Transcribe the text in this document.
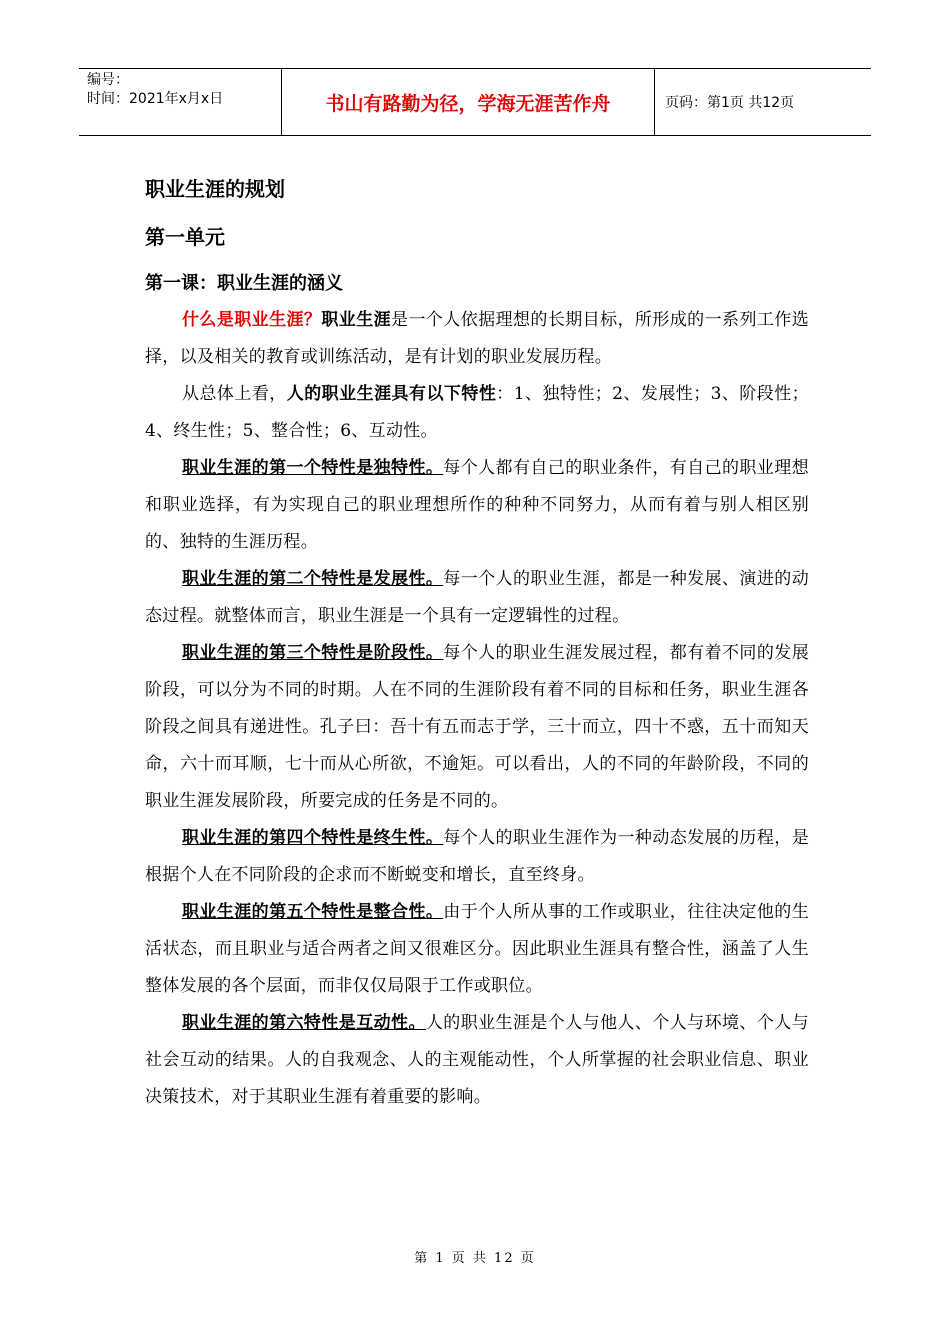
编号：
时间：2021年x月x日	书山有路勤为径，学海无涯苦作舟	页码：第1页 共12页
职业生涯的规划
第一单元
第一课：职业生涯的涵义

什么是职业生涯？职业生涯是一个人依据理想的长期目标，所形成的一系列工作选择，以及相关的教育或训练活动，是有计划的职业发展历程。

从总体上看，人的职业生涯具有以下特性：1、独特性；2、发展性；3、阶段性；4、终生性；5、整合性；6、互动性。

职业生涯的第一个特性是独特性。每个人都有自己的职业条件，有自己的职业理想和职业选择，有为实现自己的职业理想所作的种种不同努力，从而有着与别人相区别的、独特的生涯历程。

职业生涯的第二个特性是发展性。每一个人的职业生涯，都是一种发展、演进的动态过程。就整体而言，职业生涯是一个具有一定逻辑性的过程。

职业生涯的第三个特性是阶段性。每个人的职业生涯发展过程，都有着不同的发展阶段，可以分为不同的时期。人在不同的生涯阶段有着不同的目标和任务，职业生涯各阶段之间具有递进性。孔子曰：吾十有五而志于学，三十而立，四十不惑，五十而知天命，六十而耳顺，七十而从心所欲，不逾矩。可以看出，人的不同的年龄阶段，不同的职业生涯发展阶段，所要完成的任务是不同的。

职业生涯的第四个特性是终生性。每个人的职业生涯作为一种动态发展的历程，是根据个人在不同阶段的企求而不断蜕变和增长，直至终身。

职业生涯的第五个特性是整合性。由于个人所从事的工作或职业，往往决定他的生活状态，而且职业与适合两者之间又很难区分。因此职业生涯具有整合性，涵盖了人生整体发展的各个层面，而非仅仅局限于工作或职位。

职业生涯的第六特性是互动性。人的职业生涯是个人与他人、个人与环境、个人与社会互动的结果。人的自我观念、人的主观能动性，个人所掌握的社会职业信息、职业决策技术，对于其职业生涯有着重要的影响。

第 1 页 共 12 页
